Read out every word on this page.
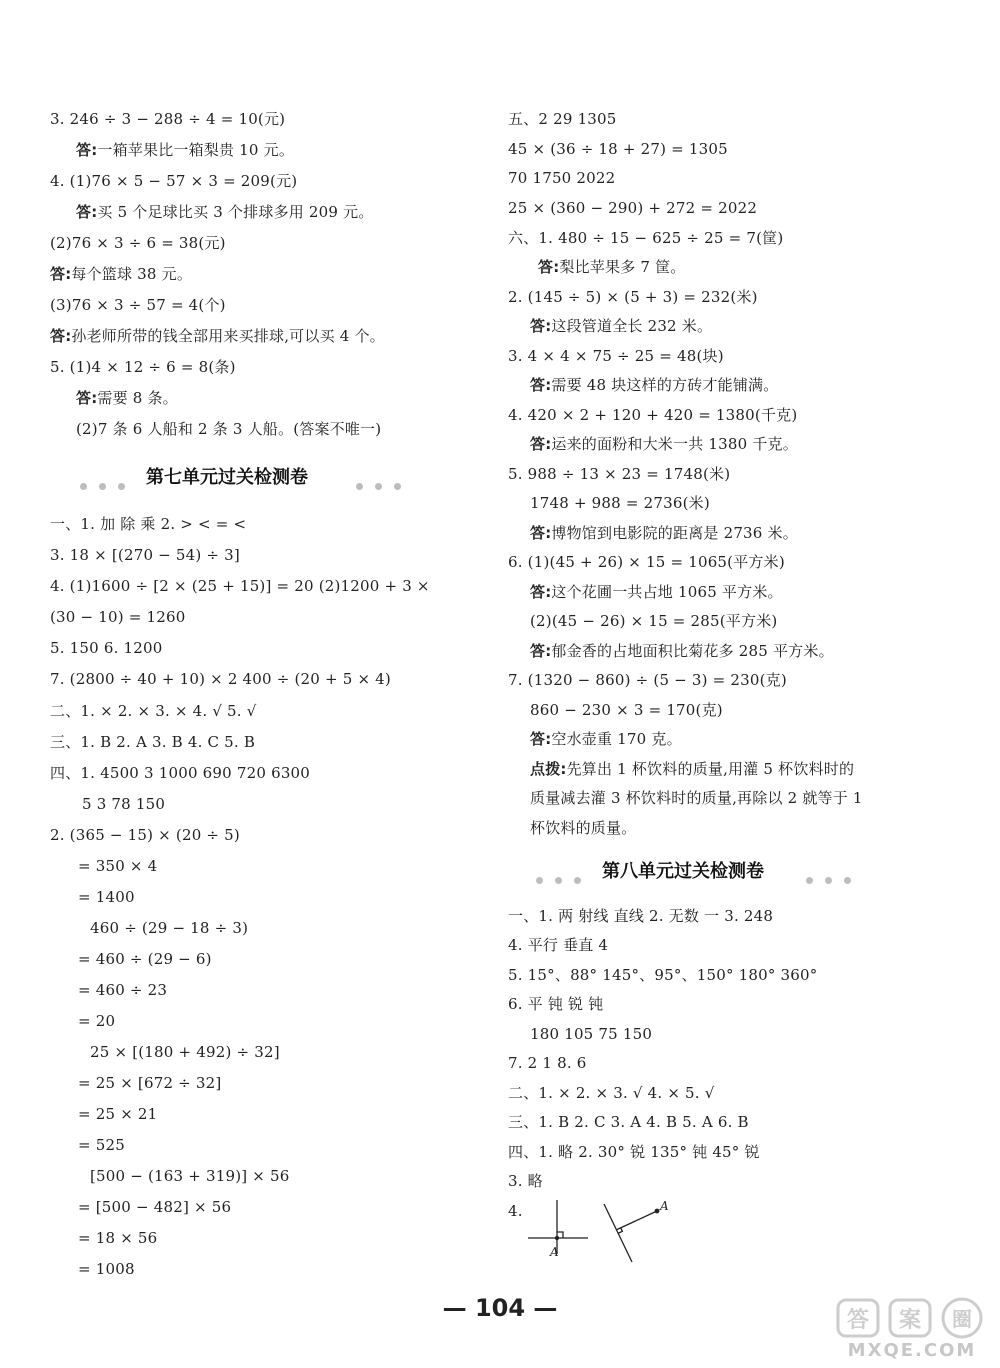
3. 246 ÷ 3 − 288 ÷ 4 = 10(元)
答:一箱苹果比一箱梨贵 10 元。
4. (1)76 × 5 − 57 × 3 = 209(元)
答:买 5 个足球比买 3 个排球多用 209 元。
(2)76 × 3 ÷ 6 = 38(元)
答:每个篮球 38 元。
(3)76 × 3 ÷ 57 = 4(个)
答:孙老师所带的钱全部用来买排球,可以买 4 个。
5. (1)4 × 12 ÷ 6 = 8(条)
答:需要 8 条。
(2)7 条 6 人船和 2 条 3 人船。(答案不唯一)
第七单元过关检测卷
一、1. 加 除 乘 2. > < = <
3. 18 × [(270 − 54) ÷ 3]
4. (1)1600 ÷ [2 × (25 + 15)] = 20 (2)1200 + 3 ×
(30 − 10) = 1260
5. 150 6. 1200
7. (2800 ÷ 40 + 10) × 2 400 ÷ (20 + 5 × 4)
二、1. × 2. × 3. × 4. √ 5. √
三、1. B 2. A 3. B 4. C 5. B
四、1. 4500 3 1000 690 720 6300
5 3 78 150
2. (365 − 15) × (20 ÷ 5)
= 350 × 4
= 1400
460 ÷ (29 − 18 ÷ 3)
= 460 ÷ (29 − 6)
= 460 ÷ 23
= 20
25 × [(180 + 492) ÷ 32]
= 25 × [672 ÷ 32]
= 25 × 21
= 525
[500 − (163 + 319)] × 56
= [500 − 482] × 56
= 18 × 56
= 1008
五、2 29 1305
45 × (36 ÷ 18 + 27) = 1305
70 1750 2022
25 × (360 − 290) + 272 = 2022
六、1. 480 ÷ 15 − 625 ÷ 25 = 7(筐)
答:梨比苹果多 7 筐。
2. (145 ÷ 5) × (5 + 3) = 232(米)
答:这段管道全长 232 米。
3. 4 × 4 × 75 ÷ 25 = 48(块)
答:需要 48 块这样的方砖才能铺满。
4. 420 × 2 + 120 + 420 = 1380(千克)
答:运来的面粉和大米一共 1380 千克。
5. 988 ÷ 13 × 23 = 1748(米)
1748 + 988 = 2736(米)
答:博物馆到电影院的距离是 2736 米。
6. (1)(45 + 26) × 15 = 1065(平方米)
答:这个花圃一共占地 1065 平方米。
(2)(45 − 26) × 15 = 285(平方米)
答:郁金香的占地面积比菊花多 285 平方米。
7. (1320 − 860) ÷ (5 − 3) = 230(克)
860 − 230 × 3 = 170(克)
答:空水壶重 170 克。
点拨:先算出 1 杯饮料的质量,用灌 5 杯饮料时的
质量减去灌 3 杯饮料时的质量,再除以 2 就等于 1
杯饮料的质量。
第八单元过关检测卷
一、1. 两 射线 直线 2. 无数 一 3. 248
4. 平行 垂直 4
5. 15°、88° 145°、95°、150° 180° 360°
6. 平 钝 锐 钝
180 105 75 150
7. 2 1 8. 6
二、1. × 2. × 3. √ 4. × 5. √
三、1. B 2. C 3. A 4. B 5. A 6. B
四、1. 略 2. 30° 锐 135° 钝 45° 锐
3. 略
4.
A
A
— 104 —	答 案 圈
MXQE.COM
